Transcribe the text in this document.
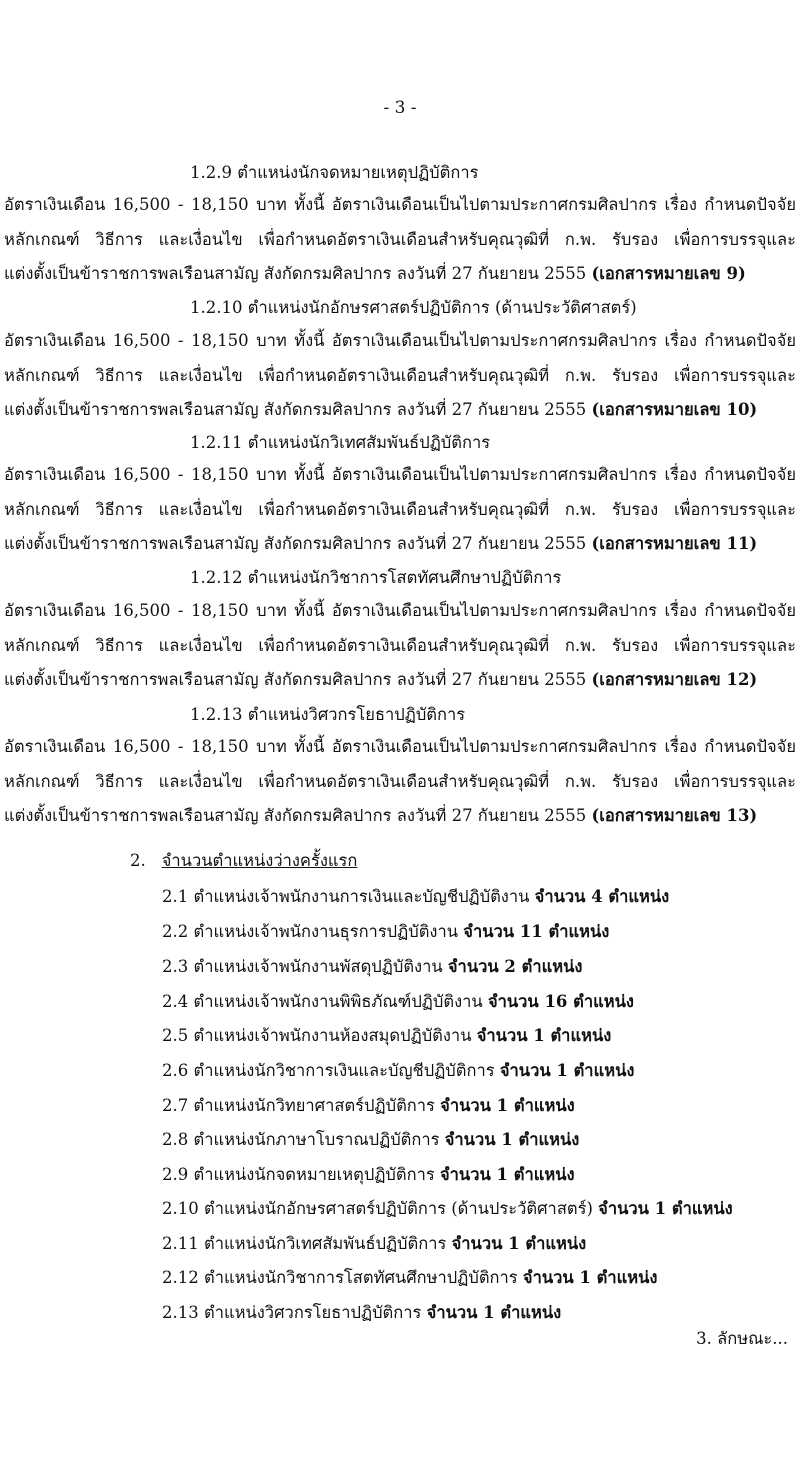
- 3 -
1.2.9 ตำแหน่งนักจดหมายเหตุปฏิบัติการ
อัตราเงินเดือน 16,500 - 18,150 บาท ทั้งนี้ อัตราเงินเดือนเป็นไปตามประกาศกรมศิลปากร เรื่อง กำหนดปัจจัย
หลักเกณฑ์ วิธีการ และเงื่อนไข เพื่อกำหนดอัตราเงินเดือนสำหรับคุณวุฒิที่ ก.พ. รับรอง เพื่อการบรรจุและ
แต่งตั้งเป็นข้าราชการพลเรือนสามัญ สังกัดกรมศิลปากร ลงวันที่ 27 กันยายน 2555 (เอกสารหมายเลข 9)
1.2.10 ตำแหน่งนักอักษรศาสตร์ปฏิบัติการ (ด้านประวัติศาสตร์)
อัตราเงินเดือน 16,500 - 18,150 บาท ทั้งนี้ อัตราเงินเดือนเป็นไปตามประกาศกรมศิลปากร เรื่อง กำหนดปัจจัย
หลักเกณฑ์ วิธีการ และเงื่อนไข เพื่อกำหนดอัตราเงินเดือนสำหรับคุณวุฒิที่ ก.พ. รับรอง เพื่อการบรรจุและ
แต่งตั้งเป็นข้าราชการพลเรือนสามัญ สังกัดกรมศิลปากร ลงวันที่ 27 กันยายน 2555 (เอกสารหมายเลข 10)
1.2.11 ตำแหน่งนักวิเทศสัมพันธ์ปฏิบัติการ
อัตราเงินเดือน 16,500 - 18,150 บาท ทั้งนี้ อัตราเงินเดือนเป็นไปตามประกาศกรมศิลปากร เรื่อง กำหนดปัจจัย
หลักเกณฑ์ วิธีการ และเงื่อนไข เพื่อกำหนดอัตราเงินเดือนสำหรับคุณวุฒิที่ ก.พ. รับรอง เพื่อการบรรจุและ
แต่งตั้งเป็นข้าราชการพลเรือนสามัญ สังกัดกรมศิลปากร ลงวันที่ 27 กันยายน 2555 (เอกสารหมายเลข 11)
1.2.12 ตำแหน่งนักวิชาการโสตทัศนศึกษาปฏิบัติการ
อัตราเงินเดือน 16,500 - 18,150 บาท ทั้งนี้ อัตราเงินเดือนเป็นไปตามประกาศกรมศิลปากร เรื่อง กำหนดปัจจัย
หลักเกณฑ์ วิธีการ และเงื่อนไข เพื่อกำหนดอัตราเงินเดือนสำหรับคุณวุฒิที่ ก.พ. รับรอง เพื่อการบรรจุและ
แต่งตั้งเป็นข้าราชการพลเรือนสามัญ สังกัดกรมศิลปากร ลงวันที่ 27 กันยายน 2555 (เอกสารหมายเลข 12)
1.2.13 ตำแหน่งวิศวกรโยธาปฏิบัติการ
อัตราเงินเดือน 16,500 - 18,150 บาท ทั้งนี้ อัตราเงินเดือนเป็นไปตามประกาศกรมศิลปากร เรื่อง กำหนดปัจจัย
หลักเกณฑ์ วิธีการ และเงื่อนไข เพื่อกำหนดอัตราเงินเดือนสำหรับคุณวุฒิที่ ก.พ. รับรอง เพื่อการบรรจุและ
แต่งตั้งเป็นข้าราชการพลเรือนสามัญ สังกัดกรมศิลปากร ลงวันที่ 27 กันยายน 2555 (เอกสารหมายเลข 13)
2. จำนวนตำแหน่งว่างครั้งแรก
2.1 ตำแหน่งเจ้าพนักงานการเงินและบัญชีปฏิบัติงาน จำนวน 4 ตำแหน่ง
2.2 ตำแหน่งเจ้าพนักงานธุรการปฏิบัติงาน จำนวน 11 ตำแหน่ง
2.3 ตำแหน่งเจ้าพนักงานพัสดุปฏิบัติงาน จำนวน 2 ตำแหน่ง
2.4 ตำแหน่งเจ้าพนักงานพิพิธภัณฑ์ปฏิบัติงาน จำนวน 16 ตำแหน่ง
2.5 ตำแหน่งเจ้าพนักงานห้องสมุดปฏิบัติงาน จำนวน 1 ตำแหน่ง
2.6 ตำแหน่งนักวิชาการเงินและบัญชีปฏิบัติการ จำนวน 1 ตำแหน่ง
2.7 ตำแหน่งนักวิทยาศาสตร์ปฏิบัติการ จำนวน 1 ตำแหน่ง
2.8 ตำแหน่งนักภาษาโบราณปฏิบัติการ จำนวน 1 ตำแหน่ง
2.9 ตำแหน่งนักจดหมายเหตุปฏิบัติการ จำนวน 1 ตำแหน่ง
2.10 ตำแหน่งนักอักษรศาสตร์ปฏิบัติการ (ด้านประวัติศาสตร์) จำนวน 1 ตำแหน่ง
2.11 ตำแหน่งนักวิเทศสัมพันธ์ปฏิบัติการ จำนวน 1 ตำแหน่ง
2.12 ตำแหน่งนักวิชาการโสตทัศนศึกษาปฏิบัติการ จำนวน 1 ตำแหน่ง
2.13 ตำแหน่งวิศวกรโยธาปฏิบัติการ จำนวน 1 ตำแหน่ง
3. ลักษณะ...
